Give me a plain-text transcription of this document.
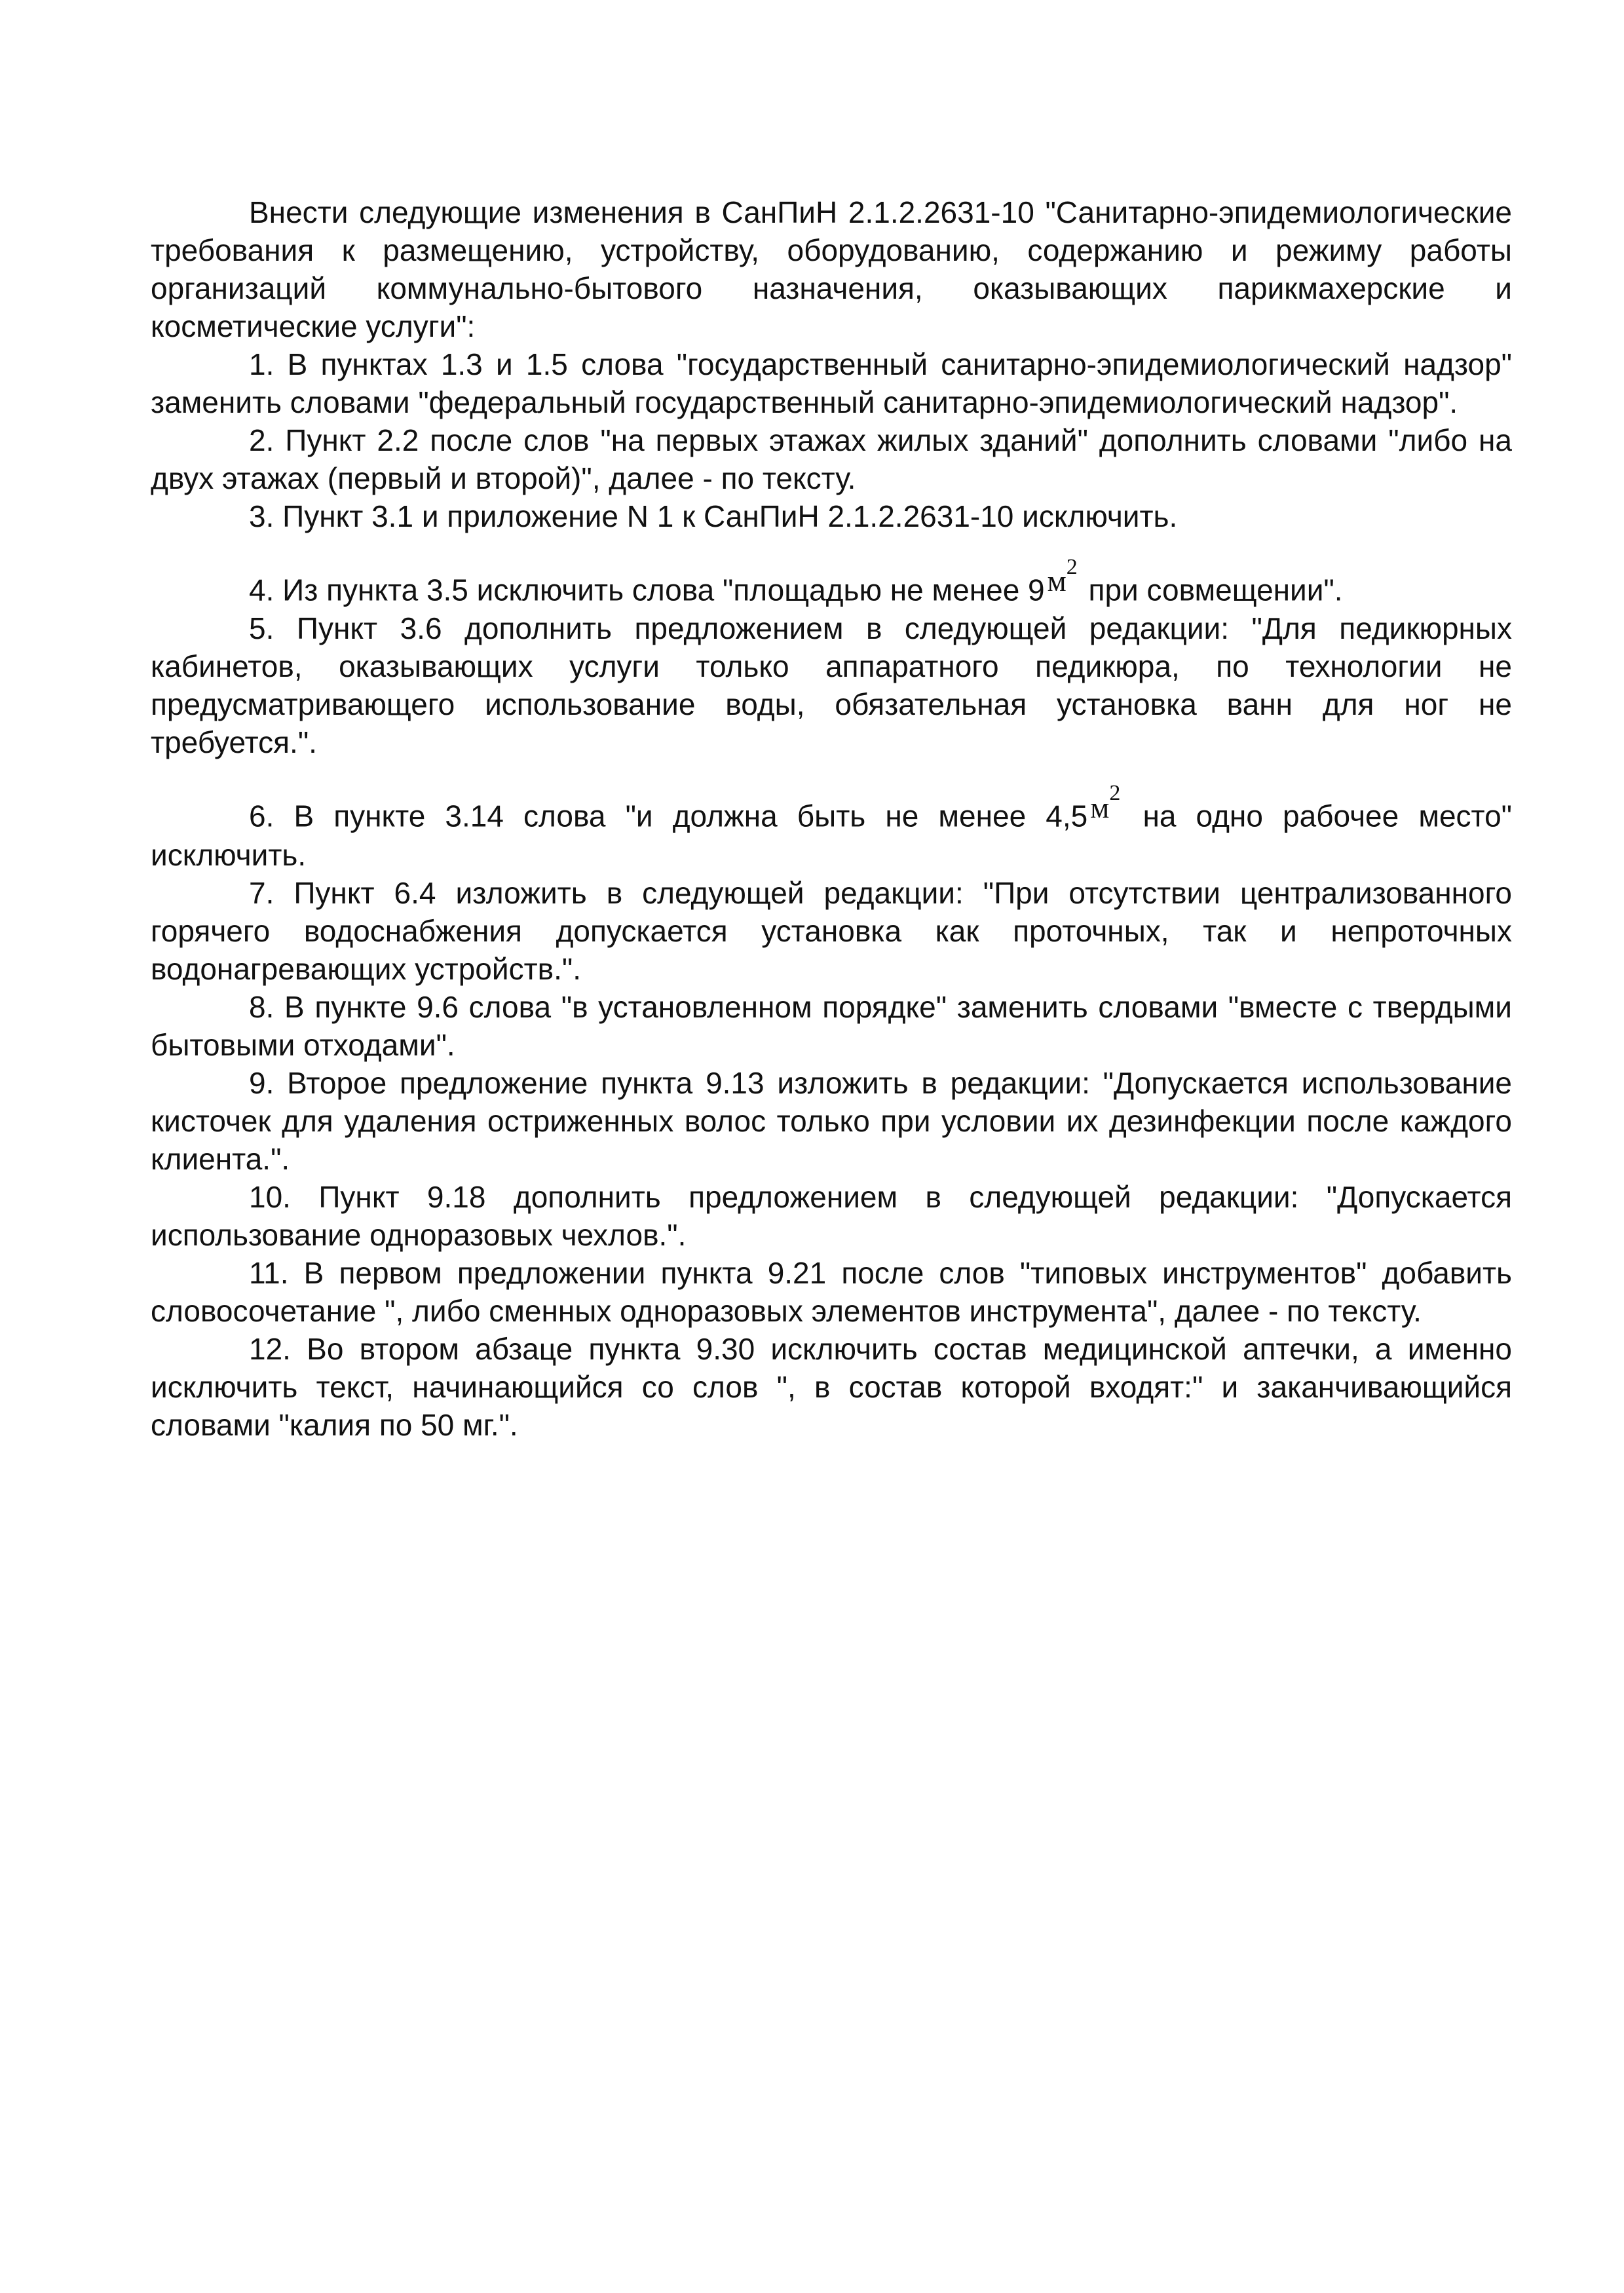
Внести следующие изменения в СанПиН 2.1.2.2631-10 "Санитарно-эпидемиологические требования к размещению, устройству, оборудованию, содержанию и режиму работы организаций коммунально-бытового назначения, оказывающих парикмахерские и косметические услуги":

1. В пунктах 1.3 и 1.5 слова "государственный санитарно-эпидемиологический надзор" заменить словами "федеральный государственный санитарно-эпидемиологический надзор".

2. Пункт 2.2 после слов "на первых этажах жилых зданий" дополнить словами "либо на двух этажах (первый и второй)", далее - по тексту.

3. Пункт 3.1 и приложение N 1 к СанПиН 2.1.2.2631-10 исключить.

4. Из пункта 3.5 исключить слова "площадью не менее $9м^2$ при совмещении".

5. Пункт 3.6 дополнить предложением в следующей редакции: "Для педикюрных кабинетов, оказывающих услуги только аппаратного педикюра, по технологии не предусматривающего использование воды, обязательная установка ванн для ног не требуется.".

6. В пункте 3.14 слова "и должна быть не менее $4,5м^2$ на одно рабочее место" исключить.

7. Пункт 6.4 изложить в следующей редакции: "При отсутствии централизованного горячего водоснабжения допускается установка как проточных, так и непроточных водонагревающих устройств.".

8. В пункте 9.6 слова "в установленном порядке" заменить словами "вместе с твердыми бытовыми отходами".

9. Второе предложение пункта 9.13 изложить в редакции: "Допускается использование кисточек для удаления остриженных волос только при условии их дезинфекции после каждого клиента.".

10. Пункт 9.18 дополнить предложением в следующей редакции: "Допускается использование одноразовых чехлов.".

11. В первом предложении пункта 9.21 после слов "типовых инструментов" добавить словосочетание ", либо сменных одноразовых элементов инструмента", далее - по тексту.

12. Во втором абзаце пункта 9.30 исключить состав медицинской аптечки, а именно исключить текст, начинающийся со слов ", в состав которой входят:" и заканчивающийся словами "калия по 50 мг.".
